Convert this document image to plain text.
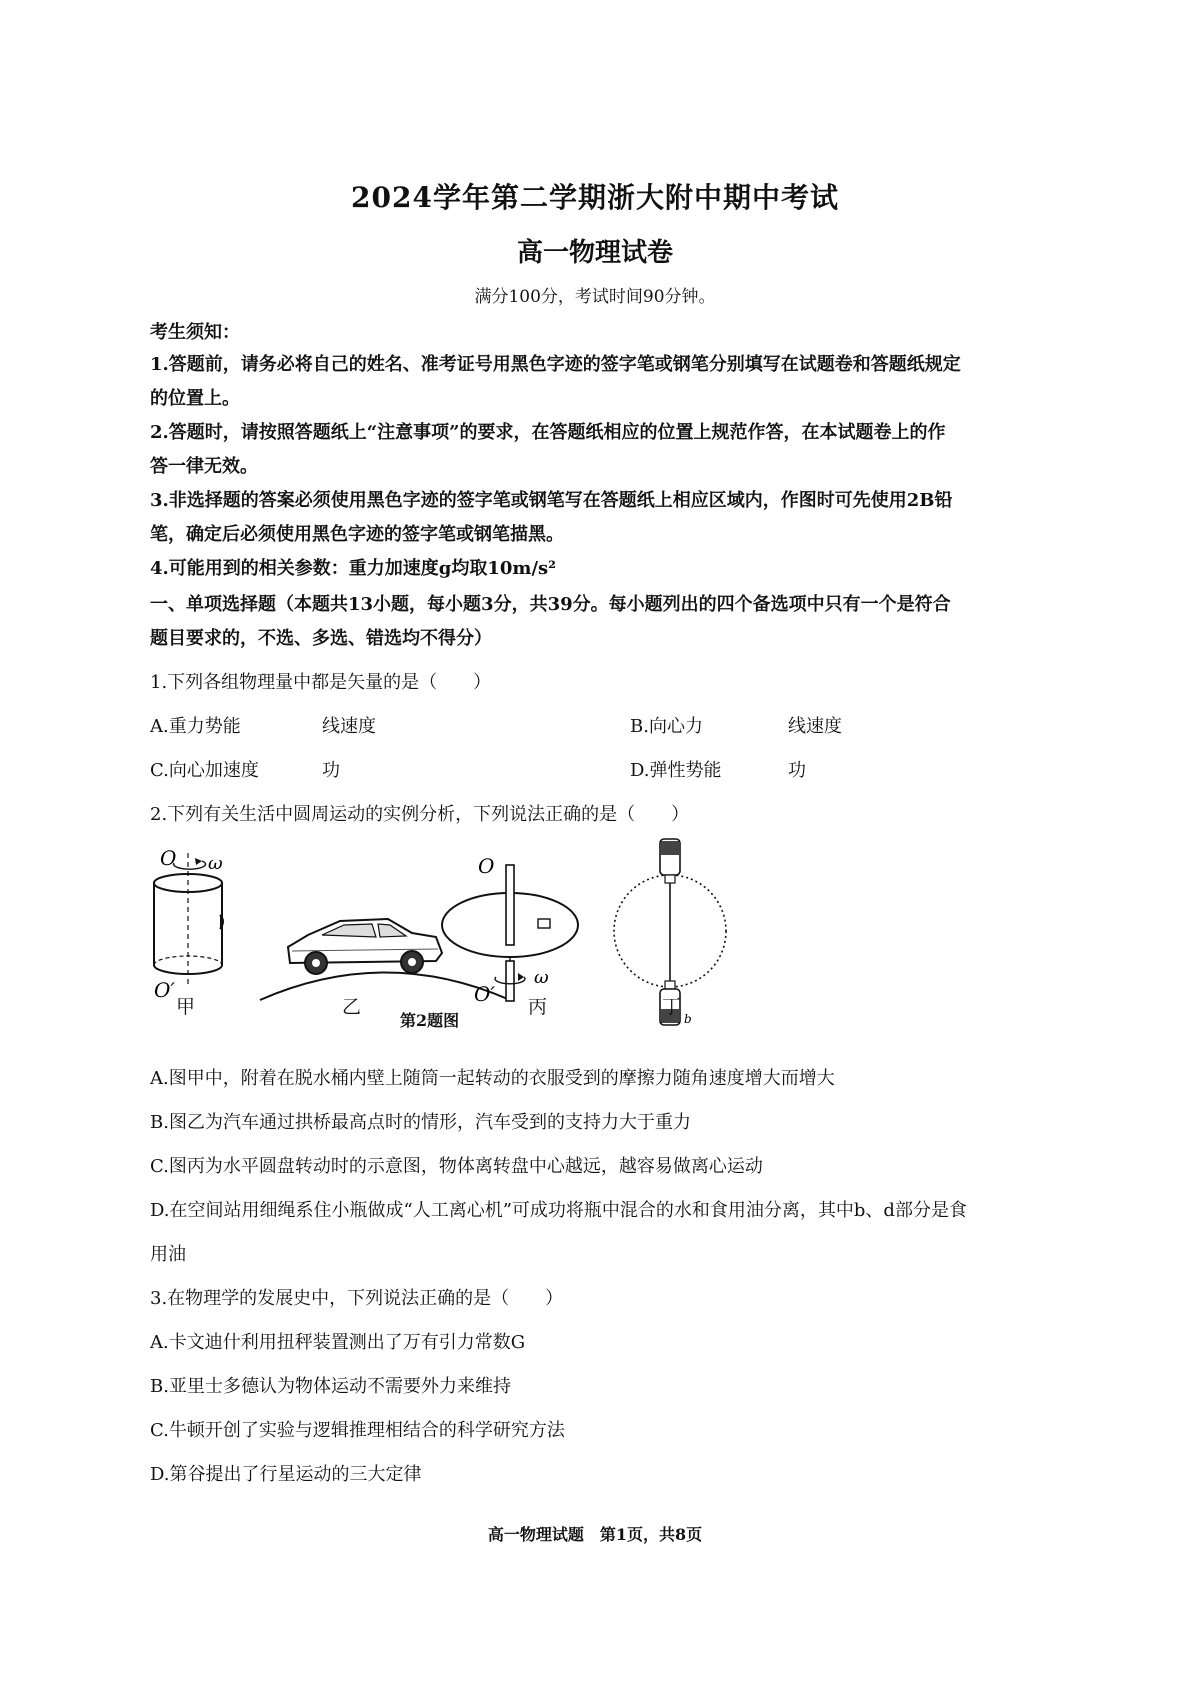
2024学年第二学期浙大附中期中考试
高一物理试卷
满分100分，考试时间90分钟。
考生须知：
1.答题前，请务必将自己的姓名、准考证号用黑色字迹的签字笔或钢笔分别填写在试题卷和答题纸规定
的位置上。
2.答题时，请按照答题纸上“注意事项”的要求，在答题纸相应的位置上规范作答，在本试题卷上的作
答一律无效。
3.非选择题的答案必须使用黑色字迹的签字笔或钢笔写在答题纸上相应区域内，作图时可先使用2B铅
笔，确定后必须使用黑色字迹的签字笔或钢笔描黑。
4.可能用到的相关参数：重力加速度g均取10m/s²
一、单项选择题（本题共13小题，每小题3分，共39分。每小题列出的四个备选项中只有一个是符合
题目要求的，不选、多选、错选均不得分）
1.下列各组物理量中都是矢量的是（　　）
A.重力势能	线速度	B.向心力	线速度
C.向心加速度	功	D.弹性势能	功
2.下列有关生活中圆周运动的实例分析，下列说法正确的是（　　）
O ω
O′
O
ω
O′
b
甲	乙	丙	丁
第2题图
A.图甲中，附着在脱水桶内壁上随筒一起转动的衣服受到的摩擦力随角速度增大而增大
B.图乙为汽车通过拱桥最高点时的情形，汽车受到的支持力大于重力
C.图丙为水平圆盘转动时的示意图，物体离转盘中心越远，越容易做离心运动
D.在空间站用细绳系住小瓶做成“人工离心机”可成功将瓶中混合的水和食用油分离，其中b、d部分是食
用油
3.在物理学的发展史中，下列说法正确的是（　　）
A.卡文迪什利用扭秤装置测出了万有引力常数G
B.亚里士多德认为物体运动不需要外力来维持
C.牛顿开创了实验与逻辑推理相结合的科学研究方法
D.第谷提出了行星运动的三大定律
高一物理试题　第1页，共8页
